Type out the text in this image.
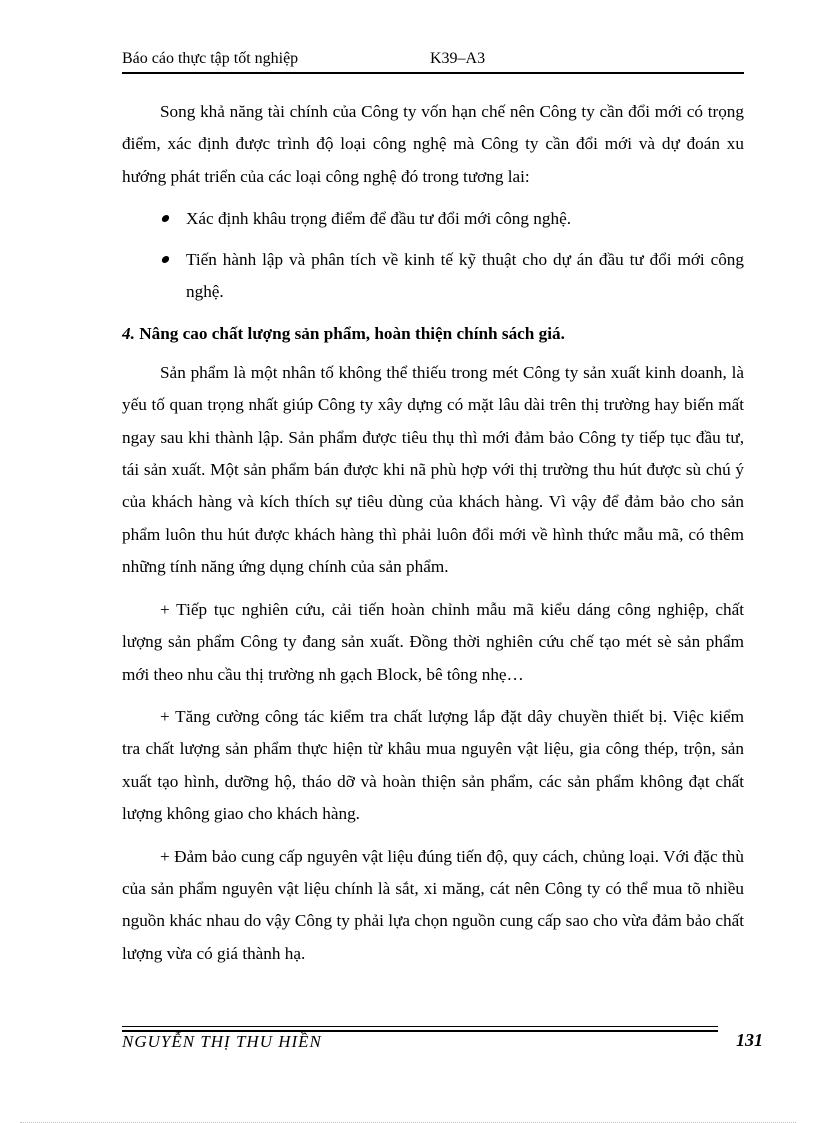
Báo cáo thực tập tốt nghiệp	K39–A3

Song khả năng tài chính của Công ty vốn hạn chế nên Công ty cần đổi mới có trọng điểm, xác định được trình độ loại công nghệ mà Công ty cần đổi mới và dự đoán xu hướng phát triển của các loại công nghệ đó trong tương lai:

Xác định khâu trọng điểm để đầu tư đổi mới công nghệ.
Tiến hành lập và phân tích về kinh tế kỹ thuật cho dự án đầu tư đổi mới công nghệ.

4. Nâng cao chất lượng sản phẩm, hoàn thiện chính sách giá.

Sản phẩm là một nhân tố không thể thiếu trong mét Công ty sản xuất kinh doanh, là yếu tố quan trọng nhất giúp Công ty xây dựng có mặt lâu dài trên thị trường hay biến mất ngay sau khi thành lập. Sản phẩm được tiêu thụ thì mới đảm bảo Công ty tiếp tục đầu tư, tái sản xuất. Một sản phẩm bán được khi nã phù hợp với thị trường thu hút được sù chú ý của khách hàng và kích thích sự tiêu dùng của khách hàng. Vì vậy để đảm bảo cho sản phẩm luôn thu hút được khách hàng thì phải luôn đổi mới về hình thức mẫu mã, có thêm những tính năng ứng dụng chính của sản phẩm.

+ Tiếp tục nghiên cứu, cải tiến hoàn chỉnh mẫu mã kiểu dáng công nghiệp, chất lượng sản phẩm Công ty đang sản xuất. Đồng thời nghiên cứu chế tạo mét sè sản phẩm mới theo nhu cầu thị trường nh gạch Block, bê tông nhẹ…

+ Tăng cường công tác kiểm tra chất lượng lắp đặt dây chuyền thiết bị. Việc kiểm tra chất lượng sản phẩm thực hiện từ khâu mua nguyên vật liệu, gia công thép, trộn, sản xuất tạo hình, dưỡng hộ, tháo dỡ và hoàn thiện sản phẩm, các sản phẩm không đạt chất lượng không giao cho khách hàng.

+ Đảm bảo cung cấp nguyên vật liệu đúng tiến độ, quy cách, chủng loại. Với đặc thù của sản phẩm nguyên vật liệu chính là sắt, xi măng, cát nên Công ty có thể mua tõ nhiều nguồn khác nhau do vậy Công ty phải lựa chọn nguồn cung cấp sao cho vừa đảm bảo chất lượng vừa có giá thành hạ.

NGUYỄN THỊ THU HIỀN	131
